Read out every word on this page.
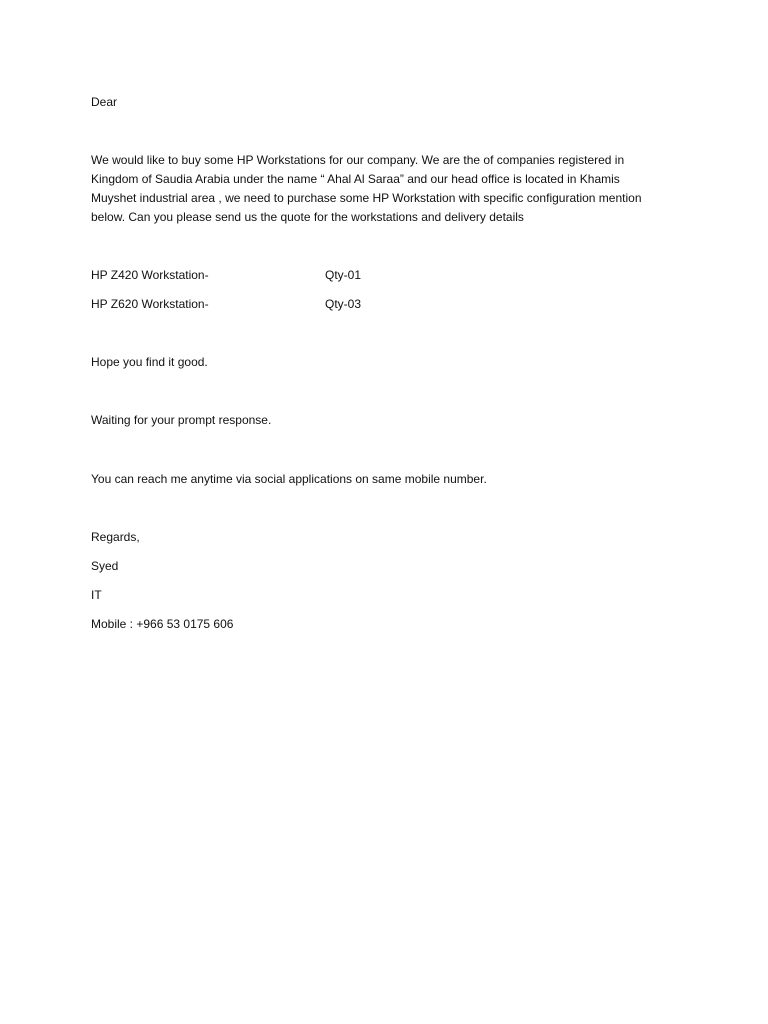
Dear
We would like to buy some HP Workstations for our company. We are the of companies registered in
Kingdom of Saudia Arabia under the name “ Ahal Al Saraa” and our head office is located in Khamis
Muyshet industrial area , we need to purchase some HP Workstation with specific configuration mention
below. Can you please send us the quote for the workstations and delivery details
HP Z420 Workstation-	Qty-01
HP Z620 Workstation-	Qty-03
Hope you find it good.
Waiting for your prompt response.
You can reach me anytime via social applications on same mobile number.
Regards,
Syed
IT
Mobile : +966 53 0175 606
